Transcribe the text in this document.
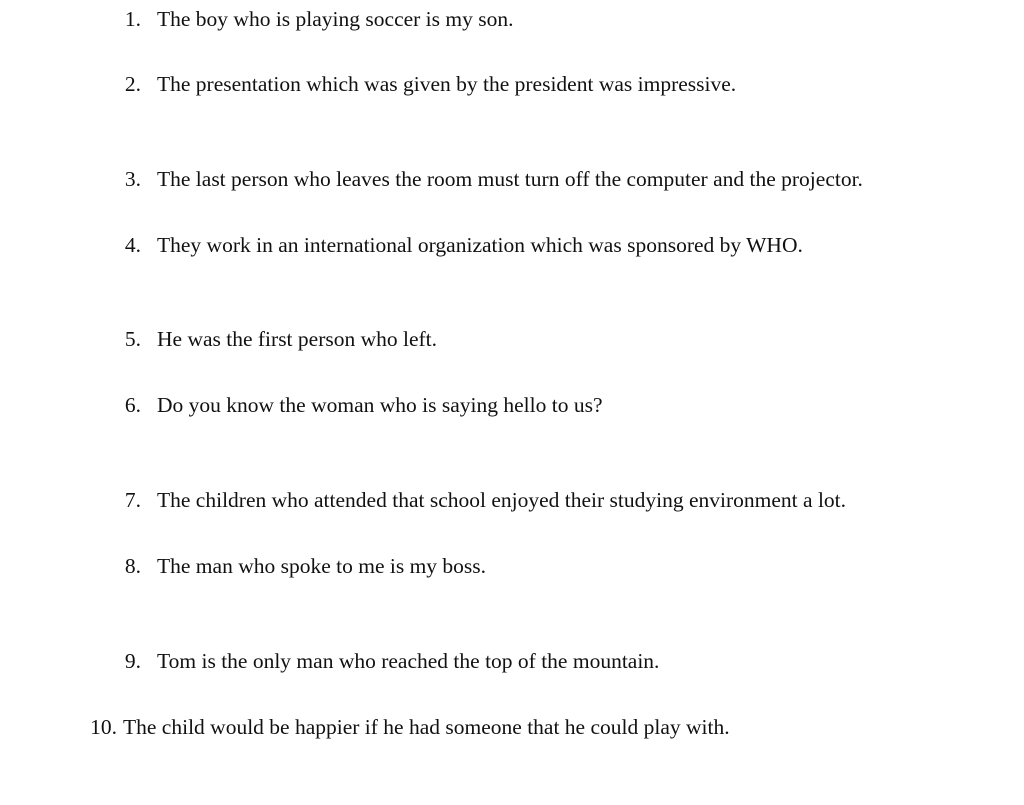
1. The boy who is playing soccer is my son.
2. The presentation which was given by the president was impressive.
3. The last person who leaves the room must turn off the computer and the projector.
4. They work in an international organization which was sponsored by WHO.
5. He was the first person who left.
6. Do you know the woman who is saying hello to us?
7. The children who attended that school enjoyed their studying environment a lot.
8. The man who spoke to me is my boss.
9. Tom is the only man who reached the top of the mountain.
10. The child would be happier if he had someone that he could play with.
